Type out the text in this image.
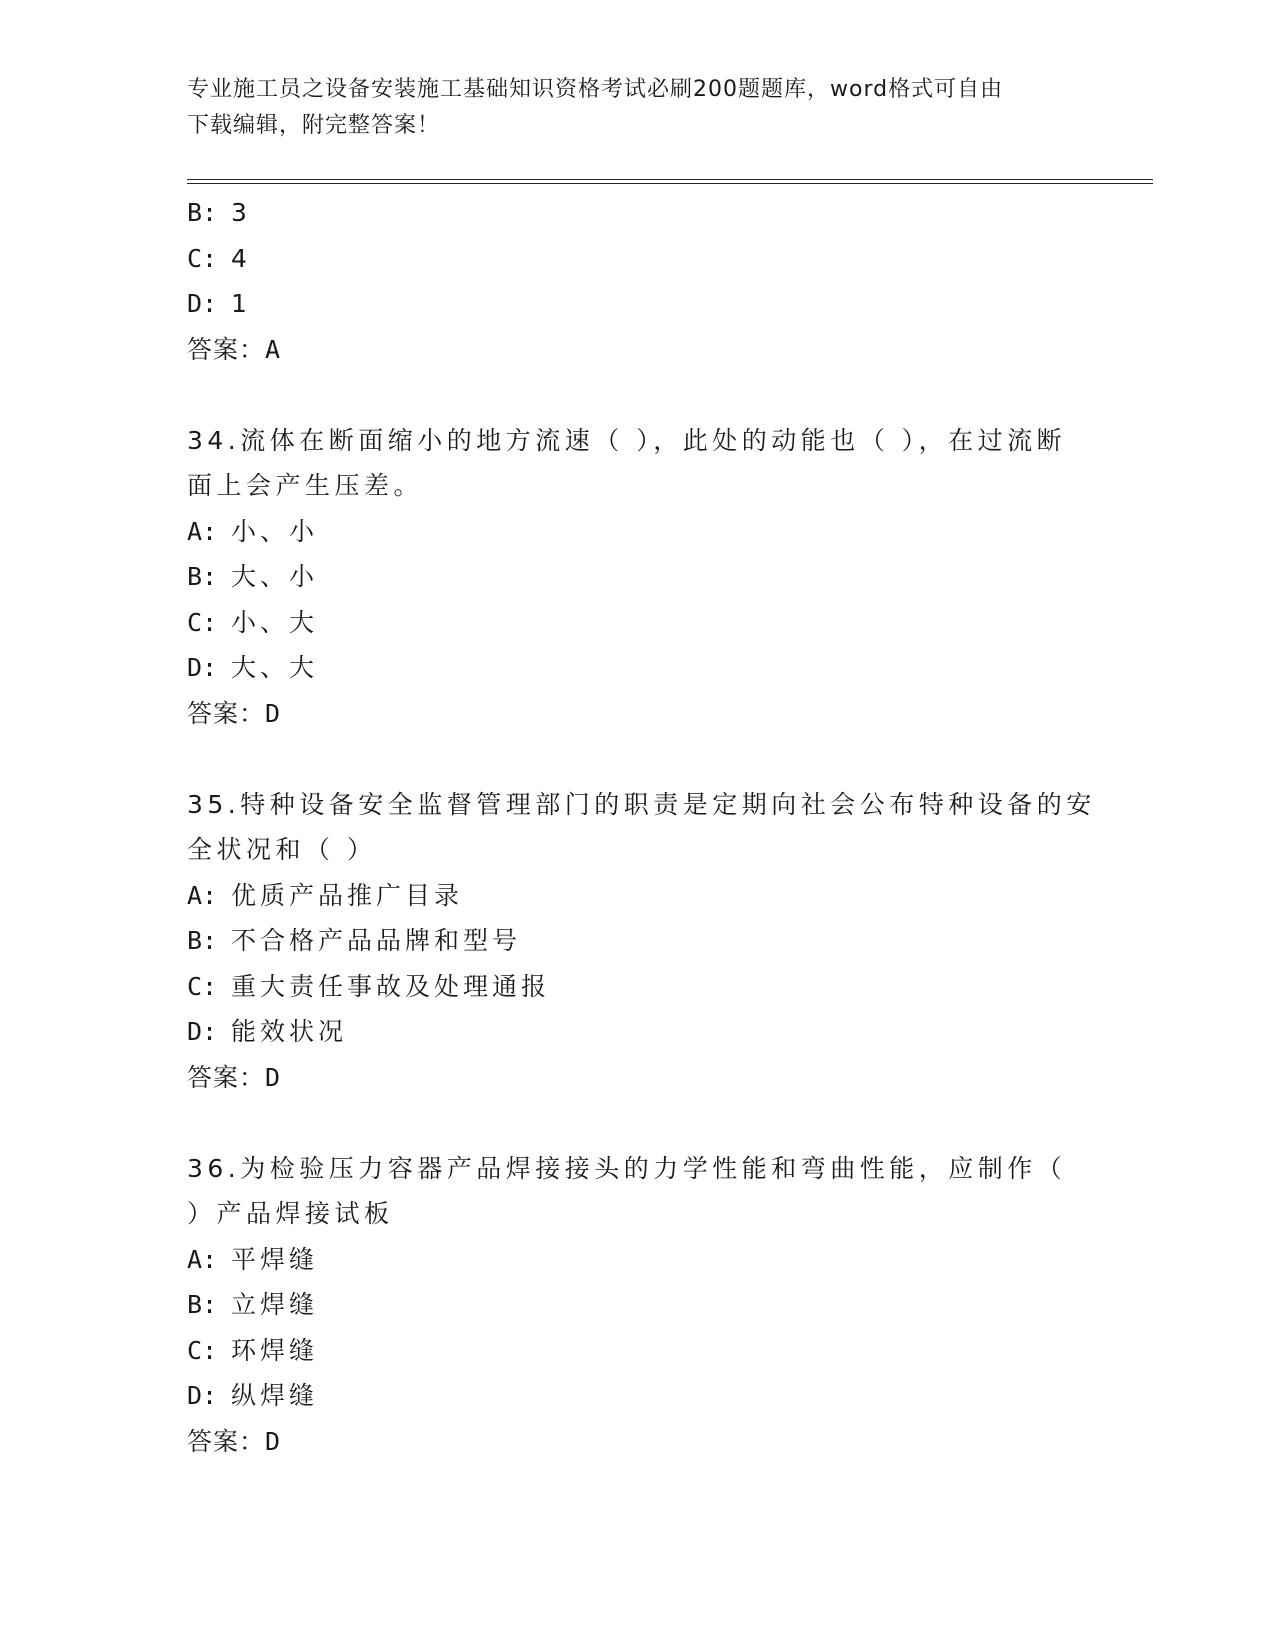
专业施工员之设备安装施工基础知识资格考试必刷200题题库，word格式可自由
下载编辑，附完整答案！
B: 3
C: 4
D: 1
答案：A
34.流体在断面缩小的地方流速（ ），此处的动能也（ ），在过流断
面上会产生压差。
A: 小、小
B: 大、小
C: 小、大
D: 大、大
答案：D
35.特种设备安全监督管理部门的职责是定期向社会公布特种设备的安
全状况和（ ）
A: 优质产品推广目录
B: 不合格产品品牌和型号
C: 重大责任事故及处理通报
D: 能效状况
答案：D
36.为检验压力容器产品焊接接头的力学性能和弯曲性能，应制作（
）产品焊接试板
A: 平焊缝
B: 立焊缝
C: 环焊缝
D: 纵焊缝
答案：D
